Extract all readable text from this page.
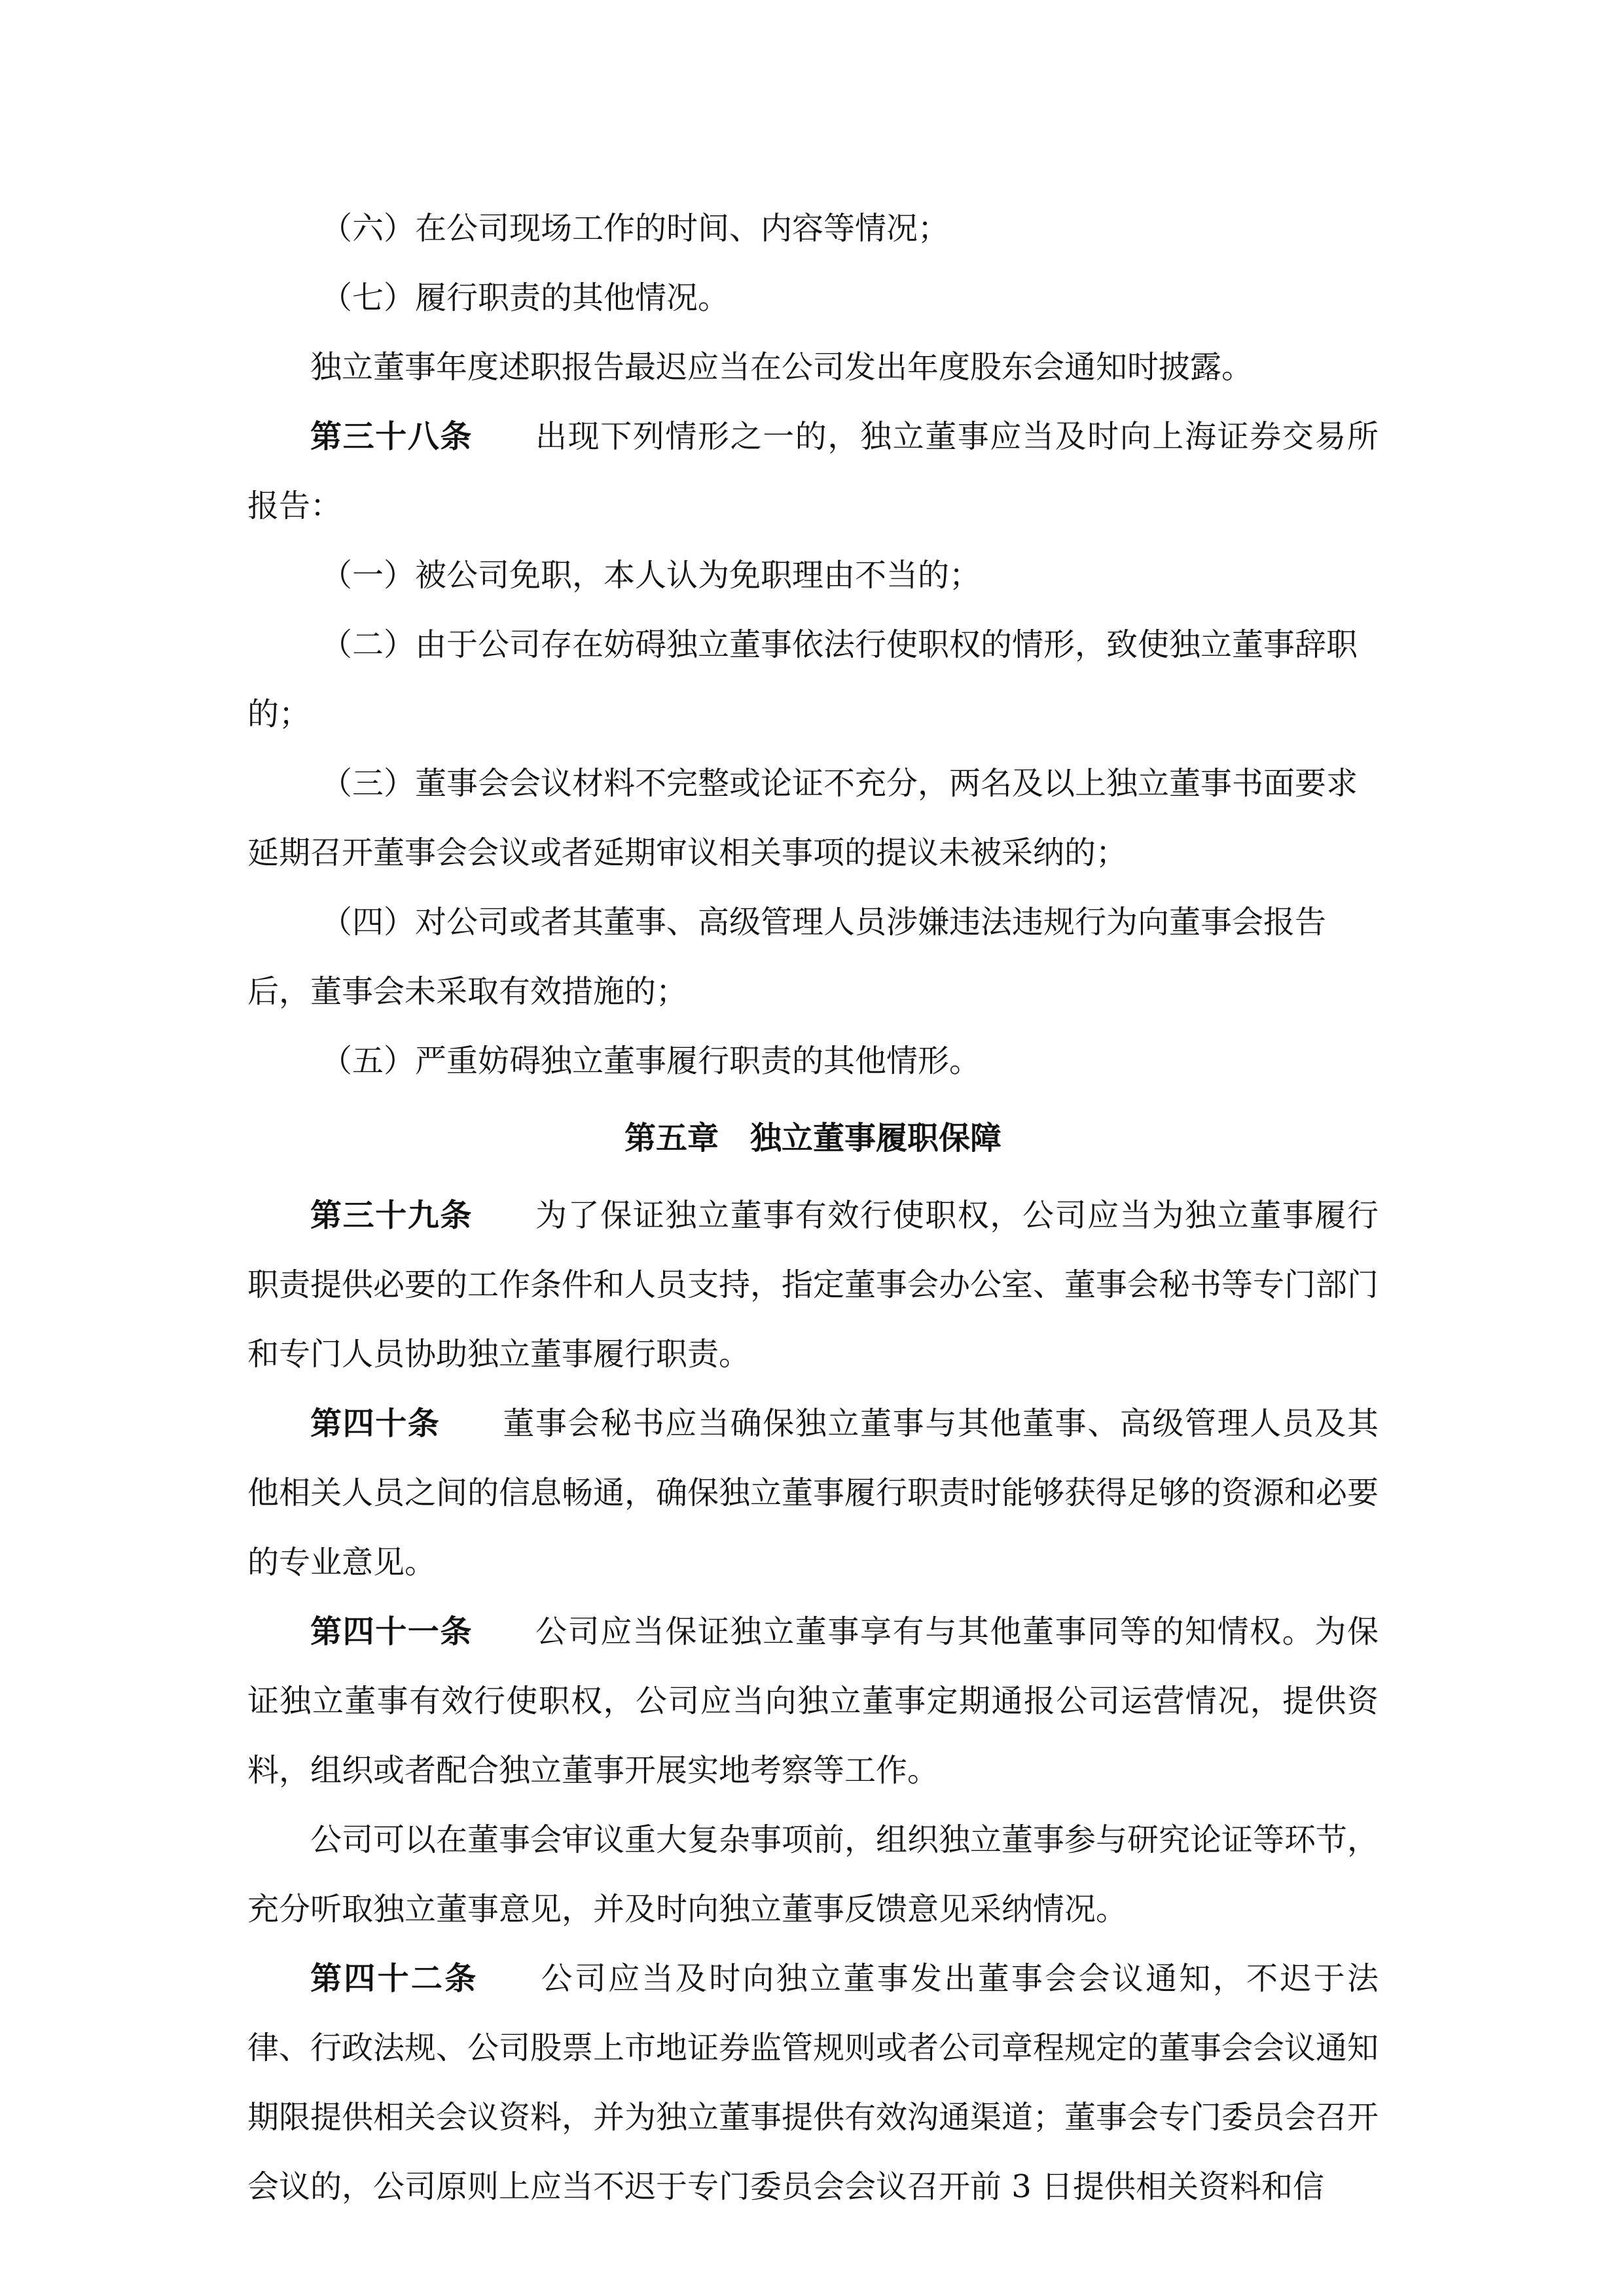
（六）在公司现场工作的时间、内容等情况；

（七）履行职责的其他情况。

独立董事年度述职报告最迟应当在公司发出年度股东会通知时披露。

第三十八条 出现下列情形之一的，独立董事应当及时向上海证券交易所报告：

（一）被公司免职，本人认为免职理由不当的；

（二）由于公司存在妨碍独立董事依法行使职权的情形，致使独立董事辞职的；

（三）董事会会议材料不完整或论证不充分，两名及以上独立董事书面要求延期召开董事会会议或者延期审议相关事项的提议未被采纳的；

（四）对公司或者其董事、高级管理人员涉嫌违法违规行为向董事会报告后，董事会未采取有效措施的；

（五）严重妨碍独立董事履行职责的其他情形。

第五章 独立董事履职保障

第三十九条 为了保证独立董事有效行使职权，公司应当为独立董事履行职责提供必要的工作条件和人员支持，指定董事会办公室、董事会秘书等专门部门和专门人员协助独立董事履行职责。

第四十条 董事会秘书应当确保独立董事与其他董事、高级管理人员及其他相关人员之间的信息畅通，确保独立董事履行职责时能够获得足够的资源和必要的专业意见。

第四十一条 公司应当保证独立董事享有与其他董事同等的知情权。为保证独立董事有效行使职权，公司应当向独立董事定期通报公司运营情况，提供资料，组织或者配合独立董事开展实地考察等工作。

公司可以在董事会审议重大复杂事项前，组织独立董事参与研究论证等环节，充分听取独立董事意见，并及时向独立董事反馈意见采纳情况。

第四十二条 公司应当及时向独立董事发出董事会会议通知，不迟于法律、行政法规、公司股票上市地证券监管规则或者公司章程规定的董事会会议通知期限提供相关会议资料，并为独立董事提供有效沟通渠道；董事会专门委员会召开会议的，公司原则上应当不迟于专门委员会会议召开前 3 日提供相关资料和信
